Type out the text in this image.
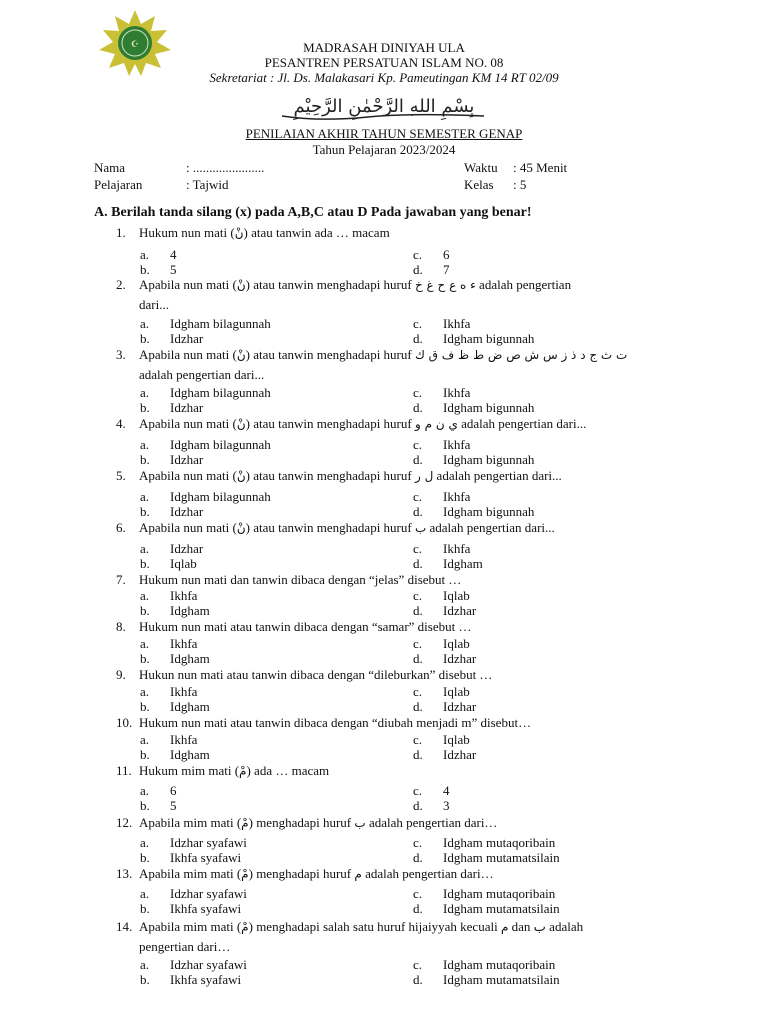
☪	MADRASAH DINIYAH ULA
PESANTREN PERSATUAN ISLAM NO. 08
Sekretariat : Jl. Ds. Malakasari Kp. Pameutingan KM 14 RT 02/09
بِسْمِ اللهِ الرَّحْمٰنِ الرَّحِيْمِ
PENILAIAN AKHIR TAHUN SEMESTER GENAP
Tahun Pelajaran 2023/2024
Nama	: ......................
Pelajaran	: Tajwid
Waktu : 45 Menit
Kelas : 5
A. Berilah tanda silang (x) pada A,B,C atau D Pada jawaban yang benar!
1. Hukum nun mati (نْ) atau tanwin ada … macam
a. 4
b. 5
c. 6
d. 7
2. Apabila nun mati (نْ) atau tanwin menghadapi huruf ء ه ع ح غ خ adalah pengertian
dari...
a. Idgham bilagunnah
b. Idzhar
c. Ikhfa
d. Idgham bigunnah
3. Apabila nun mati (نْ) atau tanwin menghadapi huruf ت ث ج د ذ ز س ش ص ض ط ظ ف ق ك
adalah pengertian dari...
a. Idgham bilagunnah
b. Idzhar
c. Ikhfa
d. Idgham bigunnah
4. Apabila nun mati (نْ) atau tanwin menghadapi huruf ي ن م و adalah pengertian dari...
a. Idgham bilagunnah
b. Idzhar
c. Ikhfa
d. Idgham bigunnah
5. Apabila nun mati (نْ) atau tanwin menghadapi huruf ل ر adalah pengertian dari...
a. Idgham bilagunnah
b. Idzhar
c. Ikhfa
d. Idgham bigunnah
6. Apabila nun mati (نْ) atau tanwin menghadapi huruf ب adalah pengertian dari...
a. Idzhar
b. Iqlab
c. Ikhfa
d. Idgham
7. Hukum nun mati dan tanwin dibaca dengan “jelas” disebut …
a. Ikhfa
b. Idgham
c. Iqlab
d. Idzhar
8. Hukum nun mati atau tanwin dibaca dengan “samar” disebut …
a. Ikhfa
b. Idgham
c. Iqlab
d. Idzhar
9. Hukun nun mati atau tanwin dibaca dengan “dileburkan” disebut …
a. Ikhfa
b. Idgham
c. Iqlab
d. Idzhar
10. Hukum nun mati atau tanwin dibaca dengan “diubah menjadi m” disebut…
a. Ikhfa
b. Idgham
c. Iqlab
d. Idzhar
11. Hukum mim mati (مْ) ada … macam
a. 6
b. 5
c. 4
d. 3
12. Apabila mim mati (مْ) menghadapi huruf ب adalah pengertian dari…
a. Idzhar syafawi
b. Ikhfa syafawi
c. Idgham mutaqoribain
d. Idgham mutamatsilain
13. Apabila mim mati (مْ) menghadapi huruf م adalah pengertian dari…
a. Idzhar syafawi
b. Ikhfa syafawi
c. Idgham mutaqoribain
d. Idgham mutamatsilain
14. Apabila mim mati (مْ) menghadapi salah satu huruf hijaiyyah kecuali م dan ب adalah
pengertian dari…
a. Idzhar syafawi
b. Ikhfa syafawi
c. Idgham mutaqoribain
d. Idgham mutamatsilain
